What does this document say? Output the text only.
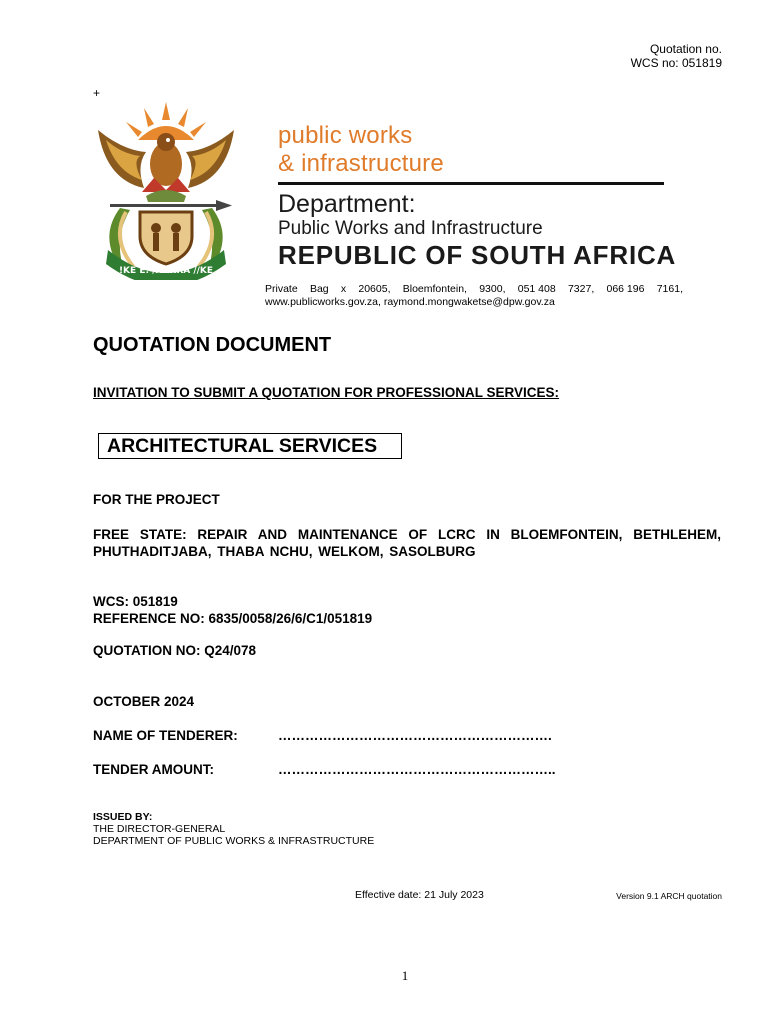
Quotation no.
WCS no: 051819
+
!KE E: /XARRA //KE
public works
& infrastructure
Department:
Public Works and Infrastructure
REPUBLIC OF SOUTH AFRICA
Private Bag x 20605, Bloemfontein, 9300, 051 408 7327, 066 196 7161,
www.publicworks.gov.za, raymond.mongwaketse@dpw.gov.za
QUOTATION DOCUMENT
INVITATION TO SUBMIT A QUOTATION FOR PROFESSIONAL SERVICES:
ARCHITECTURAL SERVICES
FOR THE PROJECT
FREE STATE: REPAIR AND MAINTENANCE OF LCRC IN BLOEMFONTEIN, BETHLEHEM, PHUTHADITJABA, THABA NCHU, WELKOM, SASOLBURG
WCS: 051819
REFERENCE NO: 6835/0058/26/6/C1/051819
QUOTATION NO: Q24/078
OCTOBER 2024
NAME OF TENDERER:	…………………………………………………….
TENDER AMOUNT:	……………………………………………………..
ISSUED BY:
THE DIRECTOR-GENERAL
DEPARTMENT OF PUBLIC WORKS & INFRASTRUCTURE
Effective date: 21 July 2023	Version 9.1 ARCH quotation
1
